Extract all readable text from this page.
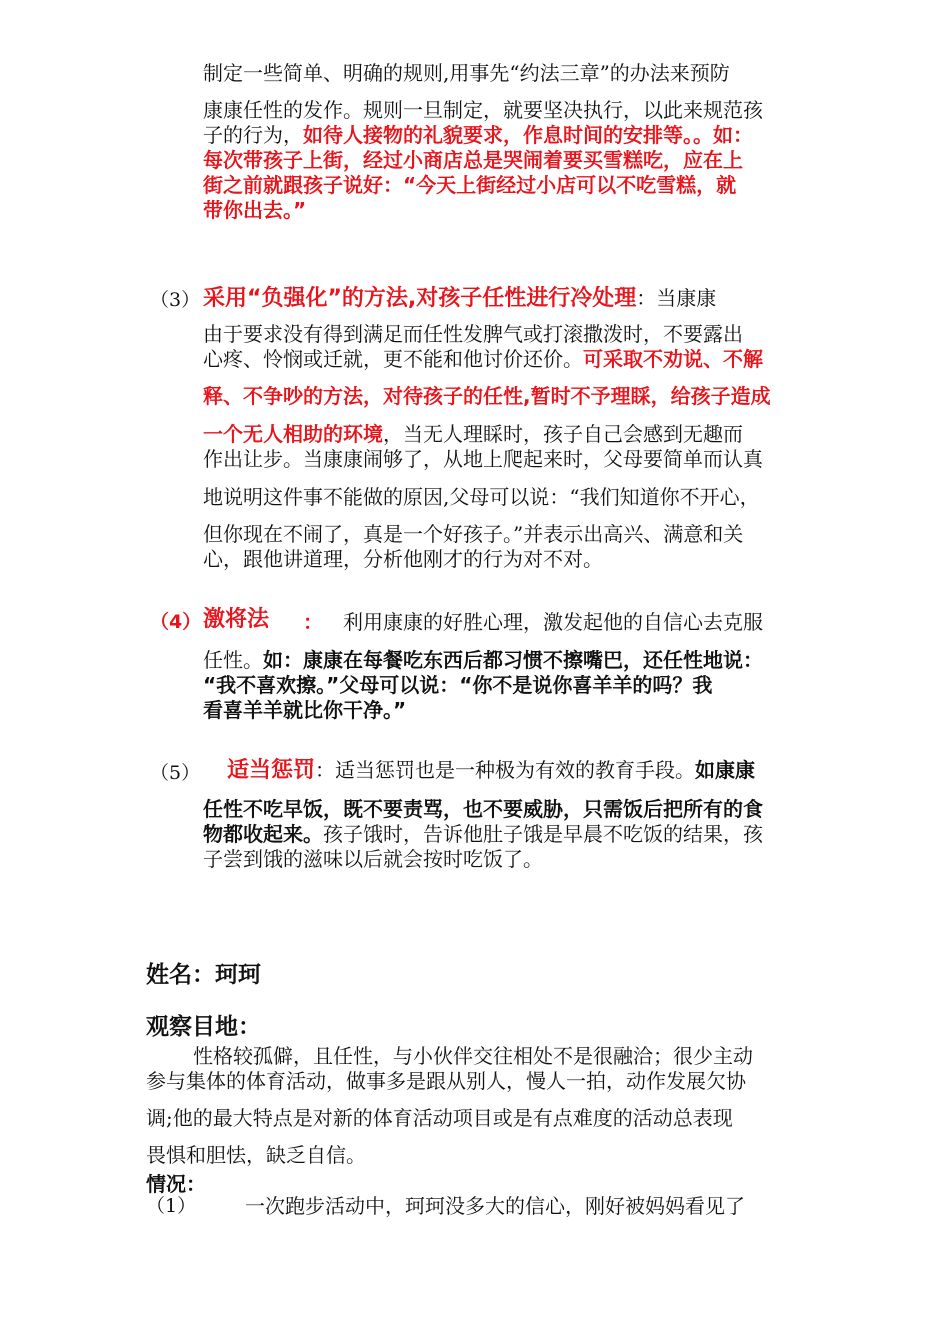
制定一些简单、明确的规则,用事先“约法三章”的办法来预防
康康任性的发作。规则一旦制定，就要坚决执行，以此来规范孩
子的行为，如待人接物的礼貌要求，作息时间的安排等。。如：
每次带孩子上街，经过小商店总是哭闹着要买雪糕吃，应在上
街之前就跟孩子说好：“今天上街经过小店可以不吃雪糕，就
带你出去。”
（3） 采用“负强化”的方法,对孩子任性进行冷处理：当康康
由于要求没有得到满足而任性发脾气或打滚撒泼时，不要露出
心疼、怜悯或迁就，更不能和他讨价还价。可采取不劝说、不解
释、不争吵的方法，对待孩子的任性,暂时不予理睬，给孩子造成
一个无人相助的环境，当无人理睬时，孩子自己会感到无趣而
作出让步。当康康闹够了，从地上爬起来时，父母要简单而认真
地说明这件事不能做的原因,父母可以说：“我们知道你不开心，
但你现在不闹了，真是一个好孩子。”并表示出高兴、满意和关
心，跟他讲道理，分析他刚才的行为对不对。
（4） 激将法 ： 利用康康的好胜心理，激发起他的自信心去克服
任性。如：康康在每餐吃东西后都习惯不擦嘴巴，还任性地说：
“我不喜欢擦。”父母可以说：“你不是说你喜羊羊的吗？我
看喜羊羊就比你干净。”
（5） 适当惩罚：适当惩罚也是一种极为有效的教育手段。如康康
任性不吃早饭，既不要责骂，也不要威胁，只需饭后把所有的食
物都收起来。孩子饿时，告诉他肚子饿是早晨不吃饭的结果，孩
子尝到饿的滋味以后就会按时吃饭了。
姓名：珂珂
观察目地：
性格较孤僻，且任性，与小伙伴交往相处不是很融洽；很少主动
参与集体的体育活动，做事多是跟从别人，慢人一拍，动作发展欠协
调;他的最大特点是对新的体育活动项目或是有点难度的活动总表现
畏惧和胆怯，缺乏自信。
情况：
（1） 一次跑步活动中，珂珂没多大的信心，刚好被妈妈看见了
